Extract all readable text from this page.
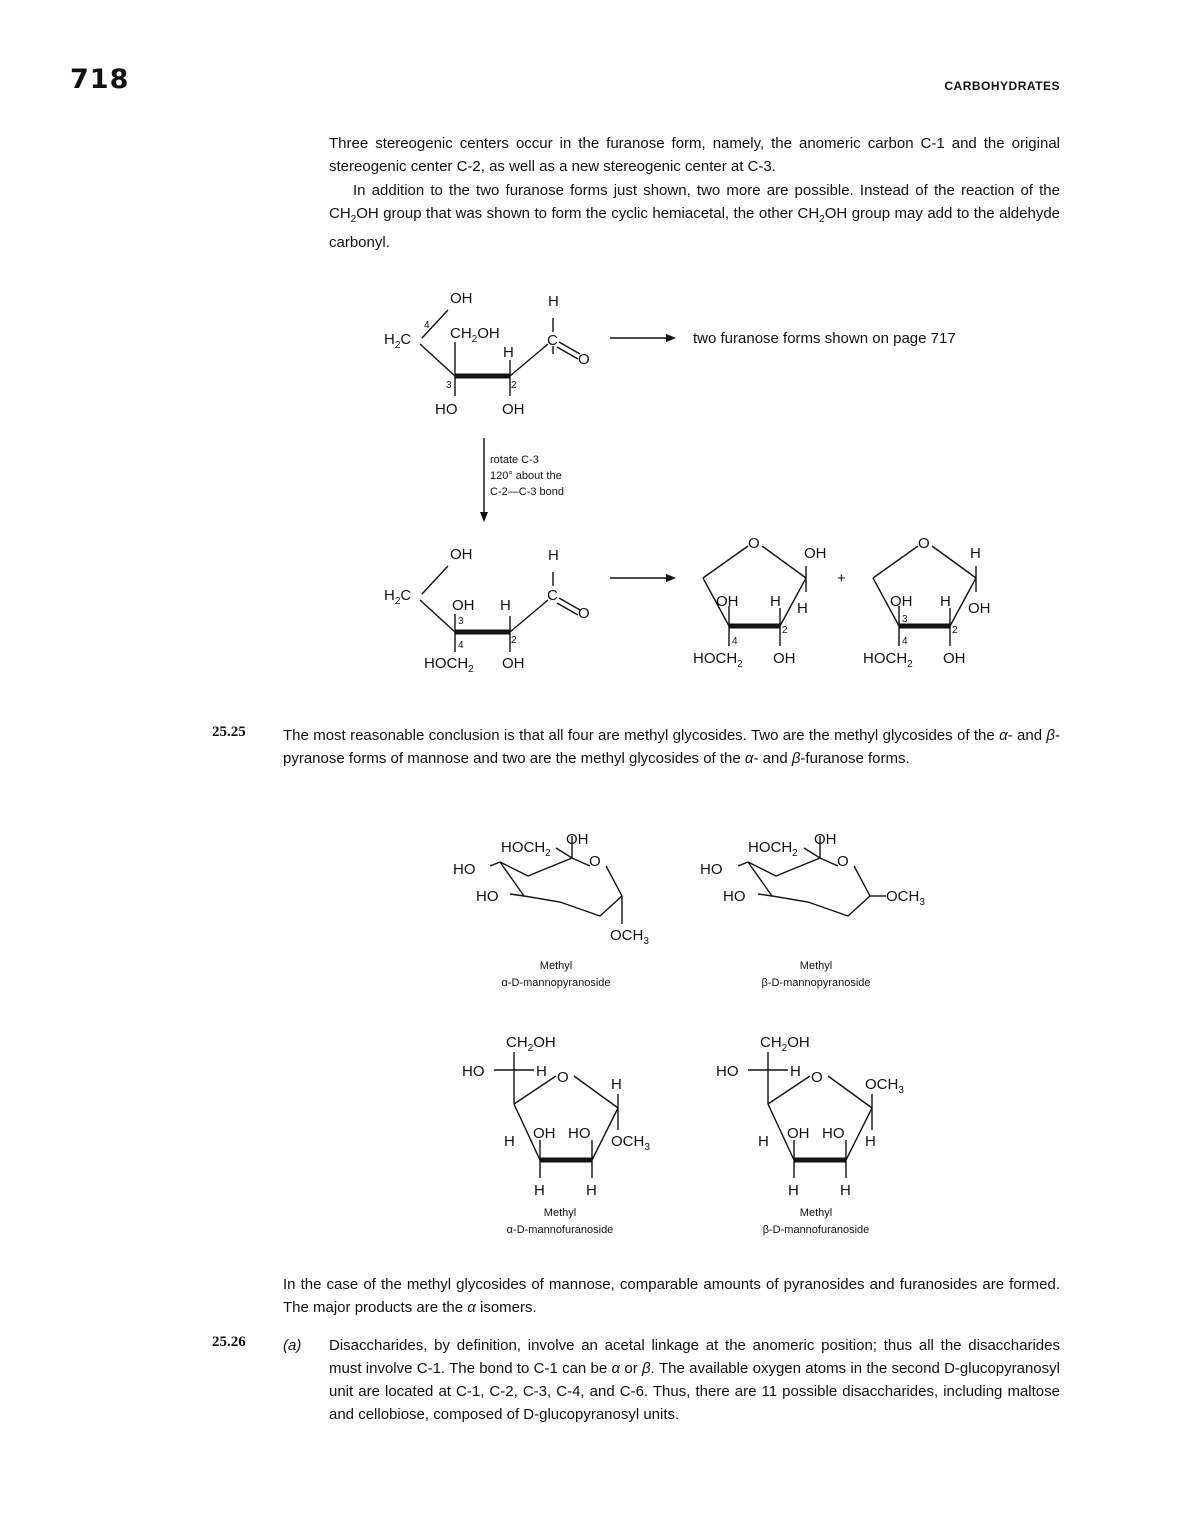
718	CARBOHYDRATES
Three stereogenic centers occur in the furanose form, namely, the anomeric carbon C-1 and the original stereogenic center C-2, as well as a new stereogenic center at C-3.
In addition to the two furanose forms just shown, two more are possible. Instead of the reaction of the $CH_2OH$ group that was shown to form the cyclic hemiacetal, the other $CH_2OH$ group may add to the aldehyde carbonyl.
OH	H
$H_2C$	$CH_2OH$	C
O
H
HO	OH
4
3	2
OH	H
$H_2C$
OH H
C
O
$HOCH_2$ OH
3
4	2
O
OH
OH H H
$HOCH_2$ OH
4
2
+
O
H
OH H OH
$HOCH_2$ OH
3
4
2
two furanose forms shown on page 717
rotate C-3
120° about the
C-2—C-3 bond
25.25 The most reasonable conclusion is that all four are methyl glycosides. Two are the methyl glycosides of the α- and β-pyranose forms of mannose and two are the methyl glycosides of the α- and β-furanose forms.
$HOCH_2$
OH
HO
HO
O
$OCH_3$
$HOCH_2$
OH
HO
HO
O
$OCH_3$
$CH_2OH$
HO	H O	H
H OH HO $OCH_3$
H	H
$CH_2OH$
HO	H O	$OCH_3$
H OH HO H
H	H
Methyl
α-D-mannopyranoside
Methyl
β-D-mannopyranoside
Methyl
α-D-mannofuranoside
Methyl
β-D-mannofuranoside
In the case of the methyl glycosides of mannose, comparable amounts of pyranosides and furanosides are formed. The major products are the α isomers.
25.26 (a) Disaccharides, by definition, involve an acetal linkage at the anomeric position; thus all the disaccharides must involve C-1. The bond to C-1 can be α or β. The available oxygen atoms in the second D-glucopyranosyl unit are located at C-1, C-2, C-3, C-4, and C-6. Thus, there are 11 possible disaccharides, including maltose and cellobiose, composed of D-glucopyranosyl units.
